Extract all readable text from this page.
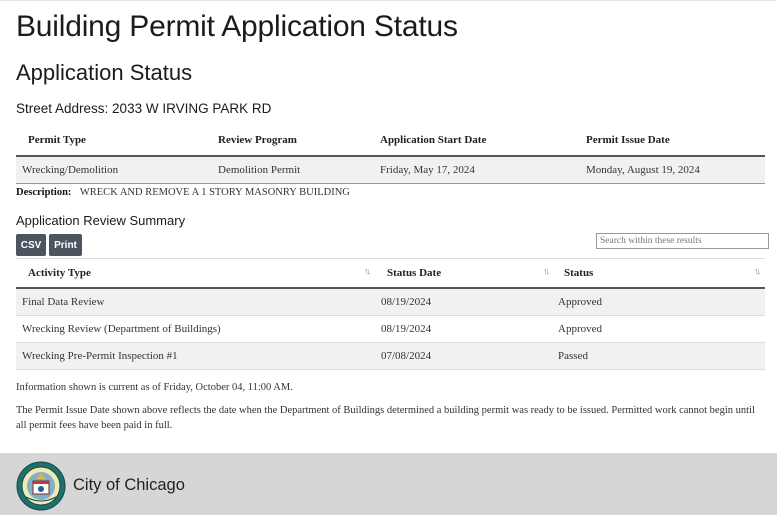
Building Permit Application Status
Application Status
Street Address: 2033 W IRVING PARK RD
Permit Type	Review Program	Application Start Date	Permit Issue Date
Wrecking/Demolition	Demolition Permit	Friday, May 17, 2024	Monday, August 19, 2024
Description: WRECK AND REMOVE A 1 STORY MASONRY BUILDING
Application Review Summary
CSV	Print	Search within these results
Activity Type ↑↓	Status Date ↑↓	Status ↑↓

Final Data Review	08/19/2024	Approved
Wrecking Review (Department of Buildings)	08/19/2024	Approved
Wrecking Pre-Permit Inspection #1	07/08/2024	Passed
Information shown is current as of Friday, October 04, 11:00 AM.
The Permit Issue Date shown above reflects the date when the Department of Buildings determined a building permit was ready to be issued. Permitted work cannot begin until all permit fees have been paid in full.
City of Chicago
